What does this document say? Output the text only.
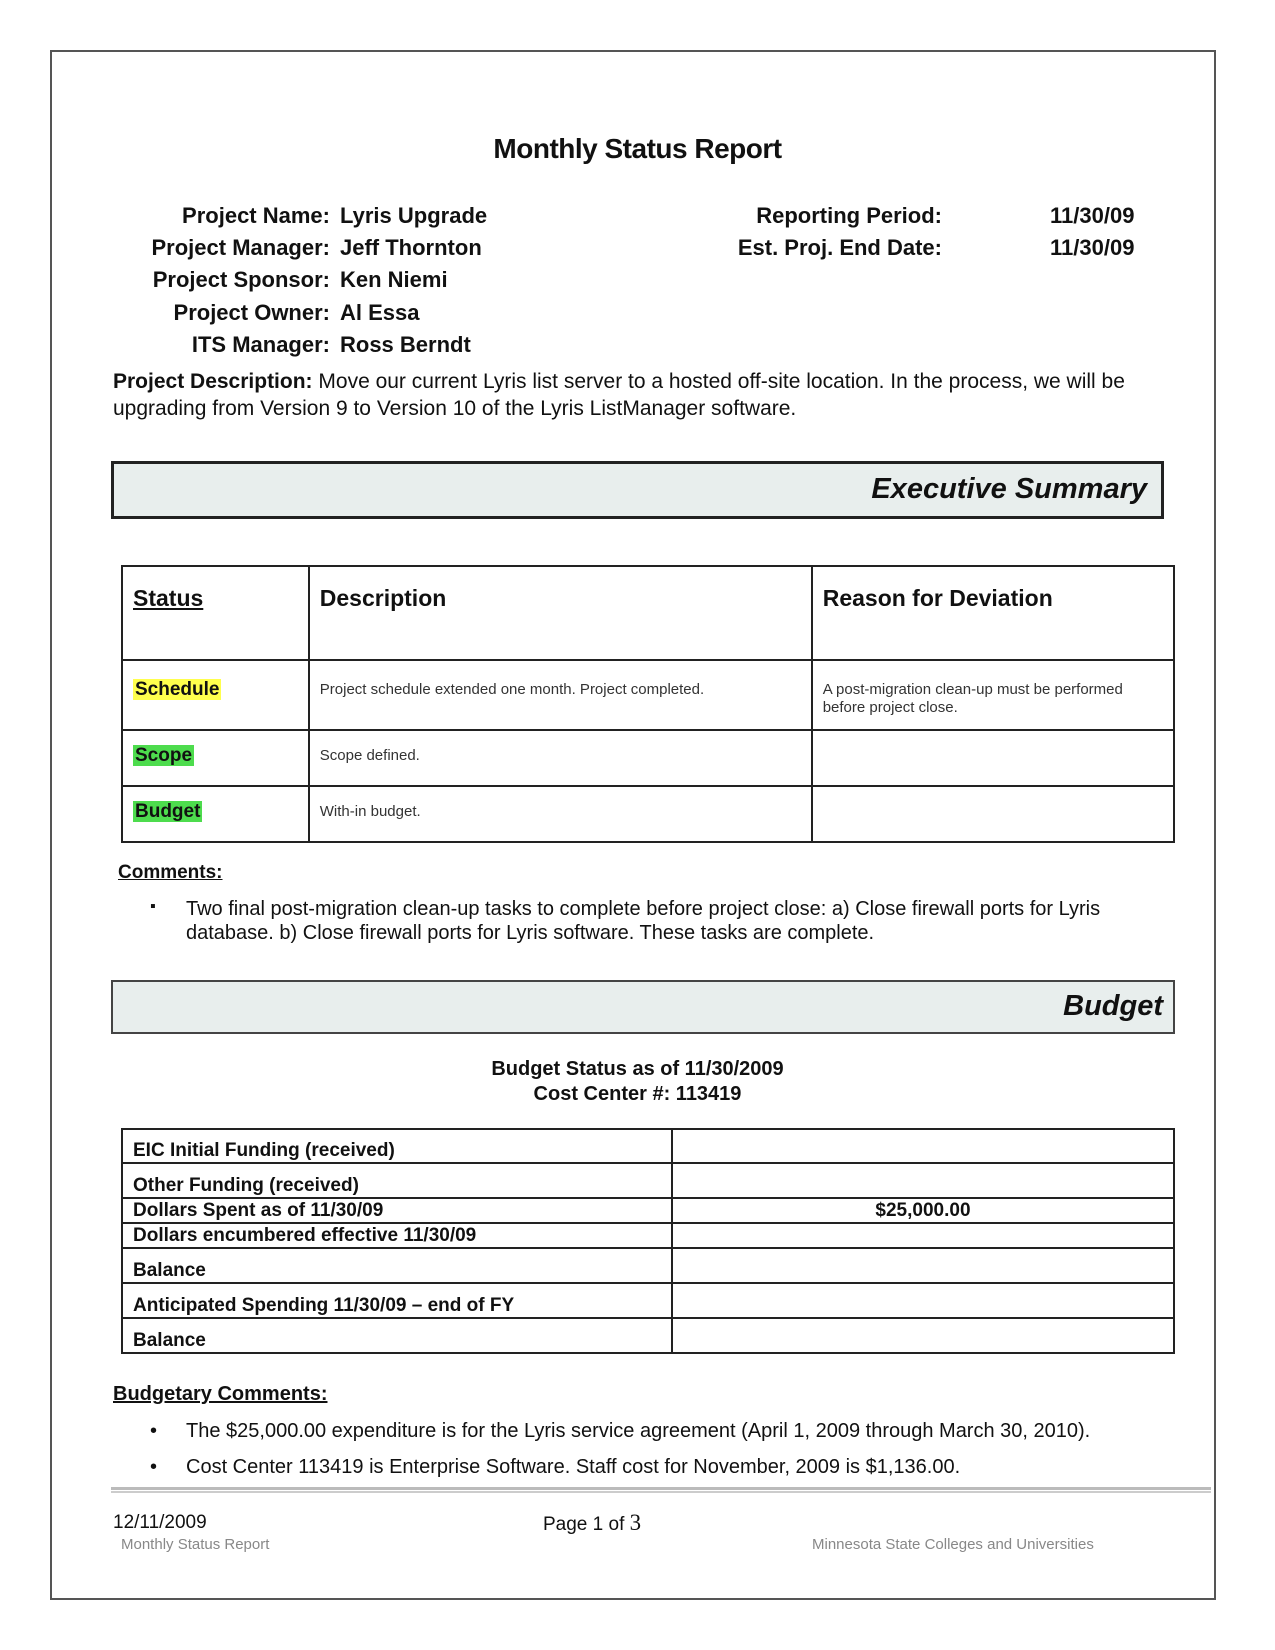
Monthly Status Report
Project Name: Lyris Upgrade
Project Manager: Jeff Thornton
Project Sponsor: Ken Niemi
Project Owner: Al Essa
ITS Manager: Ross Berndt
Reporting Period:	11/30/09
Est. Proj. End Date:	11/30/09
Project Description: Move our current Lyris list server to a hosted off-site location. In the process, we will be upgrading from Version 9 to Version 10 of the Lyris ListManager software.
Executive Summary
Status	Description	Reason for Deviation
Schedule	Project schedule extended one month. Project completed.	A post-migration clean-up must be performed before project close.
Scope	Scope defined.	
Budget	With-in budget.	
Comments:
▪ Two final post-migration clean-up tasks to complete before project close: a) Close firewall ports for Lyris database. b) Close firewall ports for Lyris software. These tasks are complete.
Budget
Budget Status as of 11/30/2009
Cost Center #: 113419
EIC Initial Funding (received)	
Other Funding (received)	
Dollars Spent as of 11/30/09	$25,000.00
Dollars encumbered effective 11/30/09	
Balance	
Anticipated Spending 11/30/09 – end of FY	
Balance	
Budgetary Comments:
• The $25,000.00 expenditure is for the Lyris service agreement (April 1, 2009 through March 30, 2010).
• Cost Center 113419 is Enterprise Software. Staff cost for November, 2009 is $1,136.00.
12/11/2009	Page 1 of 3
Monthly Status Report	Minnesota State Colleges and Universities
